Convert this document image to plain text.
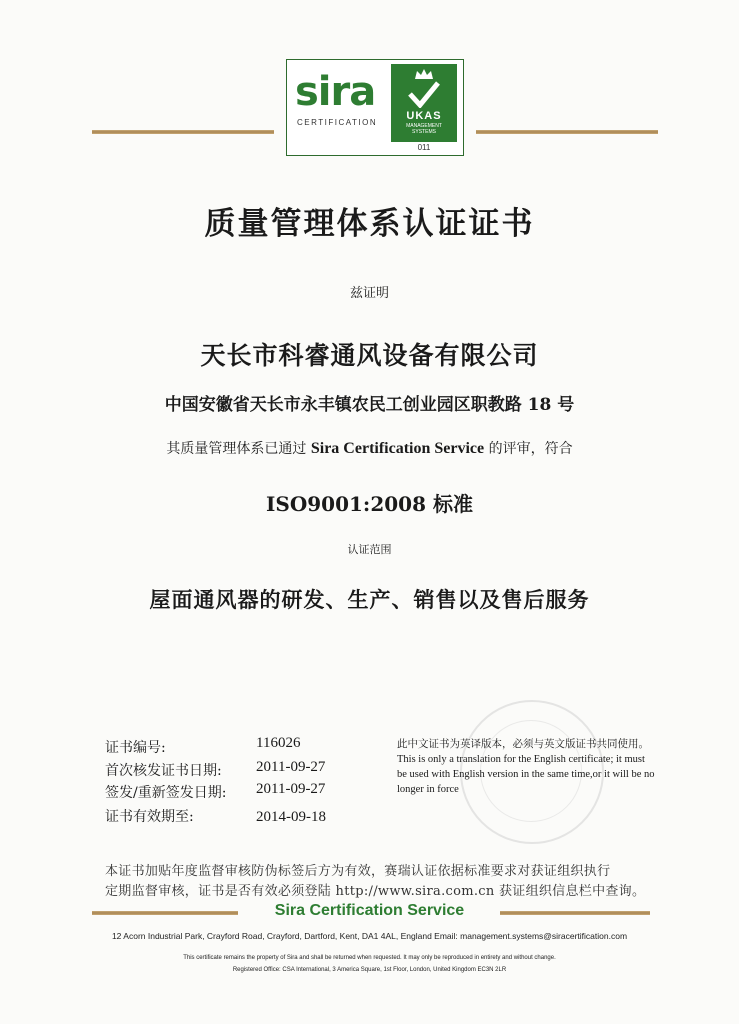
sira
CERTIFICATION
UKAS
MANAGEMENT
SYSTEMS
011
质量管理体系认证证书
兹证明
天长市科睿通风设备有限公司
中国安徽省天长市永丰镇农民工创业园区职教路 18 号
其质量管理体系已通过 Sira Certification Service 的评审，符合
ISO9001:2008 标准
认证范围
屋面通风器的研发、生产、销售以及售后服务
证书编号:	116026
首次核发证书日期: 2011-09-27
签发/重新签发日期: 2011-09-27
证书有效期至:	2014-09-18
此中文证书为英译版本，必须与英文版证书共同使用。
This is only a translation for the English certificate; it must be used with English version in the same time,or it will be no longer in force
本证书加贴年度监督审核防伪标签后方为有效，赛瑞认证依据标准要求对获证组织执行
定期监督审核，证书是否有效必须登陆 http://www.sira.com.cn 获证组织信息栏中查询。
Sira Certification Service
12 Acorn Industrial Park, Crayford Road, Crayford, Dartford, Kent, DA1 4AL, England Email: management.systems@siracertification.com
This certificate remains the property of Sira and shall be returned when requested. It may only be reproduced in entirety and without change.
Registered Office: CSA International, 3 America Square, 1st Floor, London, United Kingdom EC3N 2LR
